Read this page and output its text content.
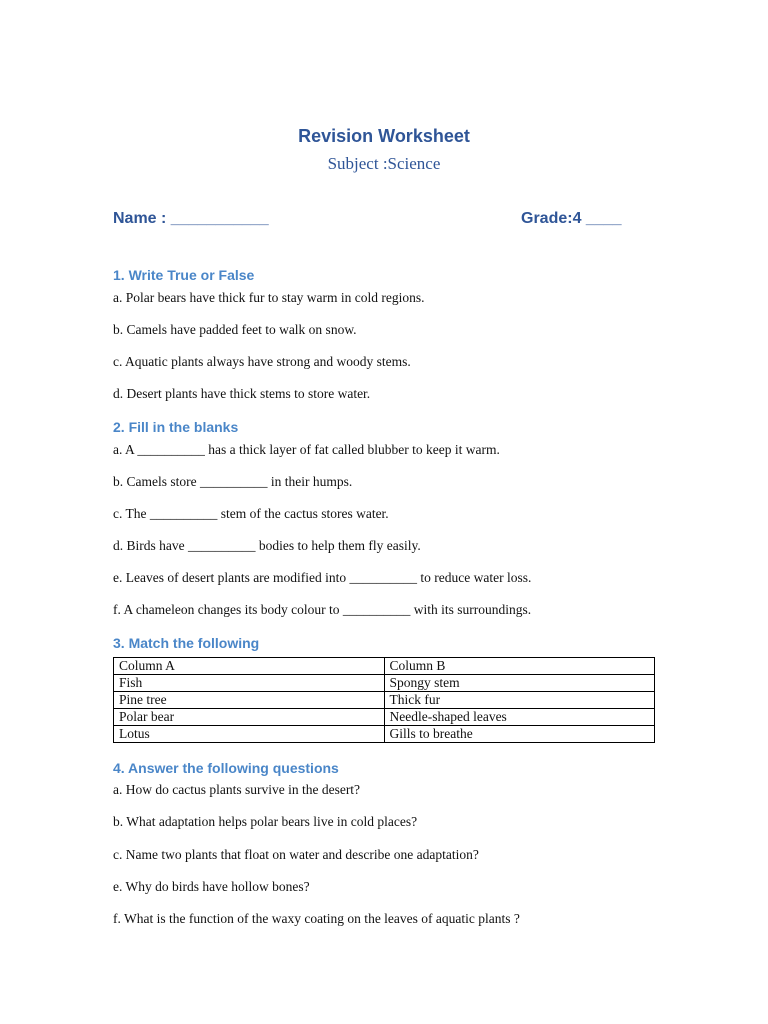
Revision Worksheet
Subject :Science
Name : ___________	Grade:4 ____
1. Write True or False
a. Polar bears have thick fur to stay warm in cold regions.
b. Camels have padded feet to walk on snow.
c. Aquatic plants always have strong and woody stems.
d. Desert plants have thick stems to store water.
2. Fill in the blanks
a. A __________ has a thick layer of fat called blubber to keep it warm.
b. Camels store __________ in their humps.
c. The __________ stem of the cactus stores water.
d. Birds have __________ bodies to help them fly easily.
e. Leaves of desert plants are modified into __________ to reduce water loss.
f. A chameleon changes its body colour to __________ with its surroundings.
3. Match the following
Column A	Column B
Fish	Spongy stem
Pine tree	Thick fur
Polar bear	Needle-shaped leaves
Lotus	Gills to breathe
4. Answer the following questions
a. How do cactus plants survive in the desert?
b. What adaptation helps polar bears live in cold places?
c. Name two plants that float on water and describe one adaptation?
e. Why do birds have hollow bones?
f. What is the function of the waxy coating on the leaves of aquatic plants ?
